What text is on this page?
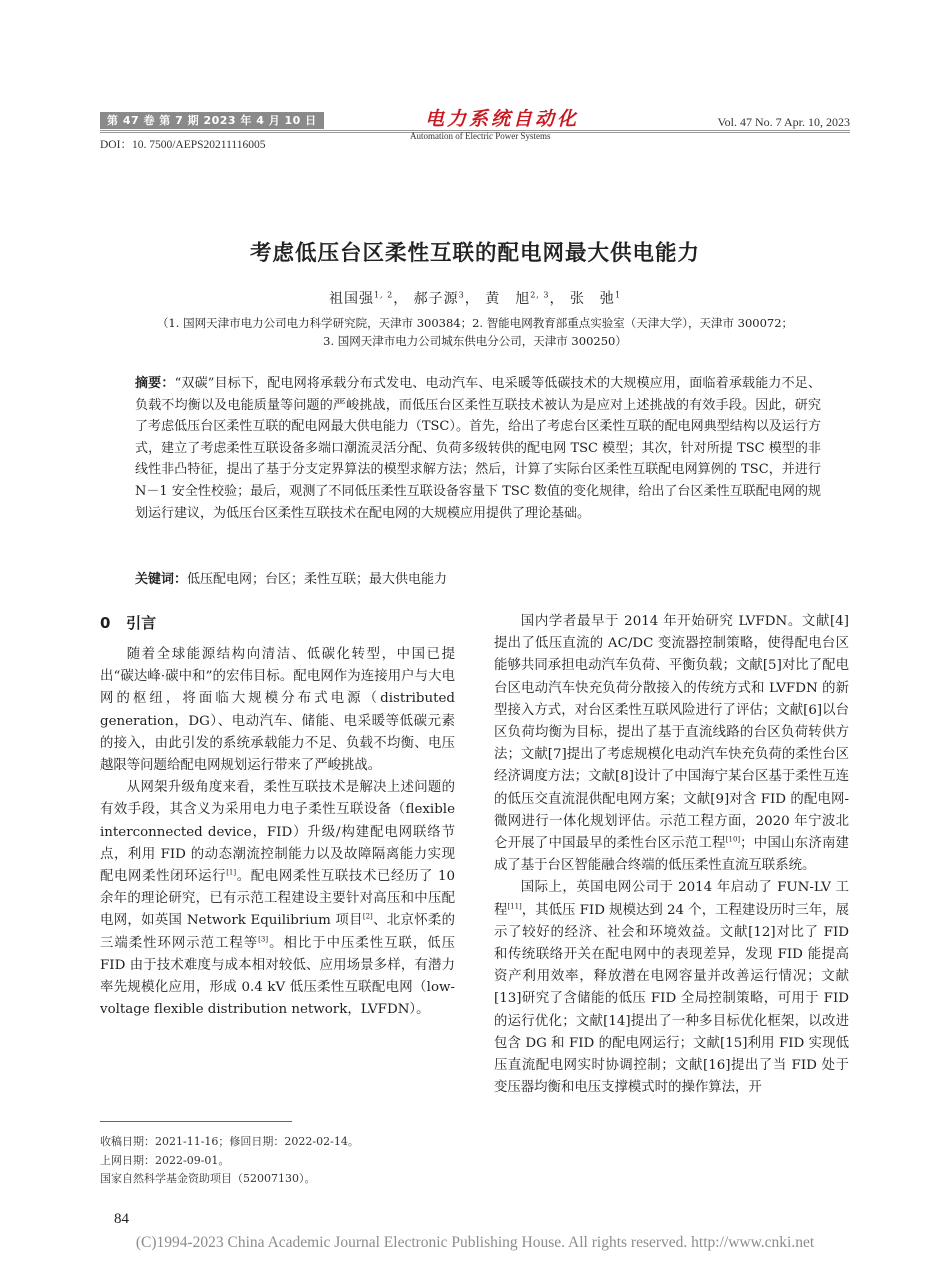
第 47 卷 第 7 期 2023 年 4 月 10 日
DOI：10. 7500/AEPS20211116005
电力系统自动化
Automation of Electric Power Systems
Vol. 47 No. 7 Apr. 10, 2023
考虑低压台区柔性互联的配电网最大供电能力
祖国强$^{1, 2}$， 郝子源$^3$， 黄　旭$^{2, 3}$， 张　弛$^1$
（1. 国网天津市电力公司电力科学研究院，天津市 300384；2. 智能电网教育部重点实验室（天津大学），天津市 300072；
3. 国网天津市电力公司城东供电分公司，天津市 300250）
摘要：“双碳”目标下，配电网将承载分布式发电、电动汽车、电采暖等低碳技术的大规模应用，面临着承载能力不足、负载不均衡以及电能质量等问题的严峻挑战，而低压台区柔性互联技术被认为是应对上述挑战的有效手段。因此，研究了考虑低压台区柔性互联的配电网最大供电能力（TSC）。首先，给出了考虑台区柔性互联的配电网典型结构以及运行方式，建立了考虑柔性互联设备多端口潮流灵活分配、负荷多级转供的配电网 TSC 模型；其次，针对所提 TSC 模型的非线性非凸特征，提出了基于分支定界算法的模型求解方法；然后，计算了实际台区柔性互联配电网算例的 TSC，并进行 N－1 安全性校验；最后，观测了不同低压柔性互联设备容量下 TSC 数值的变化规律，给出了台区柔性互联配电网的规划运行建议，为低压台区柔性互联技术在配电网的大规模应用提供了理论基础。
关键词：低压配电网；台区；柔性互联；最大供电能力
0 引言

随着全球能源结构向清洁、低碳化转型，中国已提出“碳达峰·碳中和”的宏伟目标。配电网作为连接用户与大电网的枢纽，将面临大规模分布式电源（distributed generation，DG）、电动汽车、储能、电采暖等低碳元素的接入，由此引发的系统承载能力不足、负载不均衡、电压越限等问题给配电网规划运行带来了严峻挑战。

从网架升级角度来看，柔性互联技术是解决上述问题的有效手段，其含义为采用电力电子柔性互联设备（flexible interconnected device，FID）升级/构建配电网联络节点，利用 FID 的动态潮流控制能力以及故障隔离能力实现配电网柔性闭环运行[1]。配电网柔性互联技术已经历了 10 余年的理论研究，已有示范工程建设主要针对高压和中压配电网，如英国 Network Equilibrium 项目[2]、北京怀柔的三端柔性环网示范工程等[3]。相比于中压柔性互联，低压 FID 由于技术难度与成本相对较低、应用场景多样，有潜力率先规模化应用，形成 0.4 kV 低压柔性互联配电网（low-voltage flexible distribution network，LVFDN）。

国内学者最早于 2014 年开始研究 LVFDN。文献[4]提出了低压直流的 AC/DC 变流器控制策略，使得配电台区能够共同承担电动汽车负荷、平衡负载；文献[5]对比了配电台区电动汽车快充负荷分散接入的传统方式和 LVFDN 的新型接入方式，对台区柔性互联风险进行了评估；文献[6]以台区负荷均衡为目标，提出了基于直流线路的台区负荷转供方法；文献[7]提出了考虑规模化电动汽车快充负荷的柔性台区经济调度方法；文献[8]设计了中国海宁某台区基于柔性互连的低压交直流混供配电网方案；文献[9]对含 FID 的配电网-微网进行一体化规划评估。示范工程方面，2020 年宁波北仑开展了中国最早的柔性台区示范工程[10]；中国山东济南建成了基于台区智能融合终端的低压柔性直流互联系统。

国际上，英国电网公司于 2014 年启动了 FUN-LV 工程[11]，其低压 FID 规模达到 24 个，工程建设历时三年，展示了较好的经济、社会和环境效益。文献[12]对比了 FID 和传统联络开关在配电网中的表现差异，发现 FID 能提高资产利用效率，释放潜在电网容量并改善运行情况；文献[13]研究了含储能的低压 FID 全局控制策略，可用于 FID 的运行优化；文献[14]提出了一种多目标优化框架，以改进包含 DG 和 FID 的配电网运行；文献[15]利用 FID 实现低压直流配电网实时协调控制；文献[16]提出了当 FID 处于变压器均衡和电压支撑模式时的操作算法，开

收稿日期：2021-11-16；修回日期：2022-02-14。
上网日期：2022-09-01。
国家自然科学基金资助项目（52007130）。
84
(C)1994-2023 China Academic Journal Electronic Publishing House. All rights reserved. http://www.cnki.net
